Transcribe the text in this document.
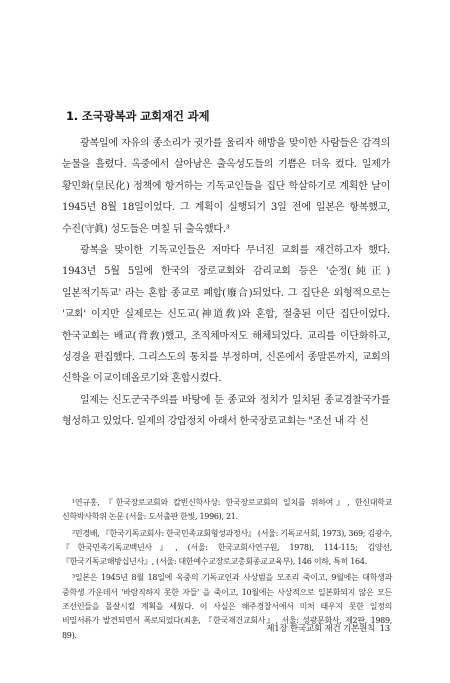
1. 조국광복과 교회재건 과제

광복일에 자유의 종소리가 귓가를 울리자 해방을 맞이한 사람들은 감격의 눈물을 흘렸다. 옥중에서 살아남은 출옥성도들의 기쁨은 더욱 컸다. 일제가 황민화(皇民化) 정책에 항거하는 기독교인들을 집단 학살하기로 계획한 날이 1945년 8월 18일이었다. 그 계획이 실행되기 3일 전에 일본은 항복했고, 수진(守眞) 성도들은 며칠 뒤 출옥했다.³

광복을 맞이한 기독교인들은 저마다 무너진 교회를 재건하고자 했다. 1943년 5월 5일에 한국의 장로교회와 감리교회 등은 '순정(純正)일본적기독교' 라는 혼합 종교로 폐합(廢合)되었다. 그 집단은 외형적으로는 '교회' 이지만 실제로는 신도교(神道敎)와 혼합, 절충된 이단 집단이었다. 한국교회는 배교(背敎)했고, 조직체마저도 해체되었다. 교리를 이단화하고, 성경을 편집했다. 그리스도의 통치를 부정하며, 신론에서 종말론까지, 교회의 신학을 이교이데올로기와 혼합시켰다.

일제는 신도군국주의를 바탕에 둔 종교와 정치가 일치된 종교경찰국가를 형성하고 있었다. 일제의 강압정치 아래서 한국장로교회는 "조선 내 각 신

¹연규홍, 『한국장로교회와 칼빈신학사상: 한국장로교회의 일치를 위하여』, 한신대학교 신학박사학위 논문 (서울: 도서출판 한빛, 1996), 21.

²민경배, 『한국기독교회사: 한국민족교회형성과정사』 (서울: 기독교서회, 1973), 369; 김광수, 『한국민족기독교백년사』, (서울: 한국교회사연구원, 1978), 114-115; 김양선, 『한국기독교해방십년사』, (서울: 대한예수교장로교총회종교교육부), 146 이하, 특히 164.

³일본은 1945년 8월 18일에 옥중의 기독교인과 사상범을 모조리 죽이고, 9월에는 대학생과 중학생 가운데서 '바람직하지 못한 자들' 을 죽이고, 10월에는 사상적으로 일본화되지 않은 모든 조선인들을 몰살시킬 계획을 세웠다. 이 사실은 해주경찰서에서 미처 태우지 못한 일정의 비밀서류가 발견되면서 폭로되었다(최훈, 『한국재건교회사』, 서울: 성광문화사, 제2판, 1989, 89).

제1장 한국교회 재건 기본원칙 13
